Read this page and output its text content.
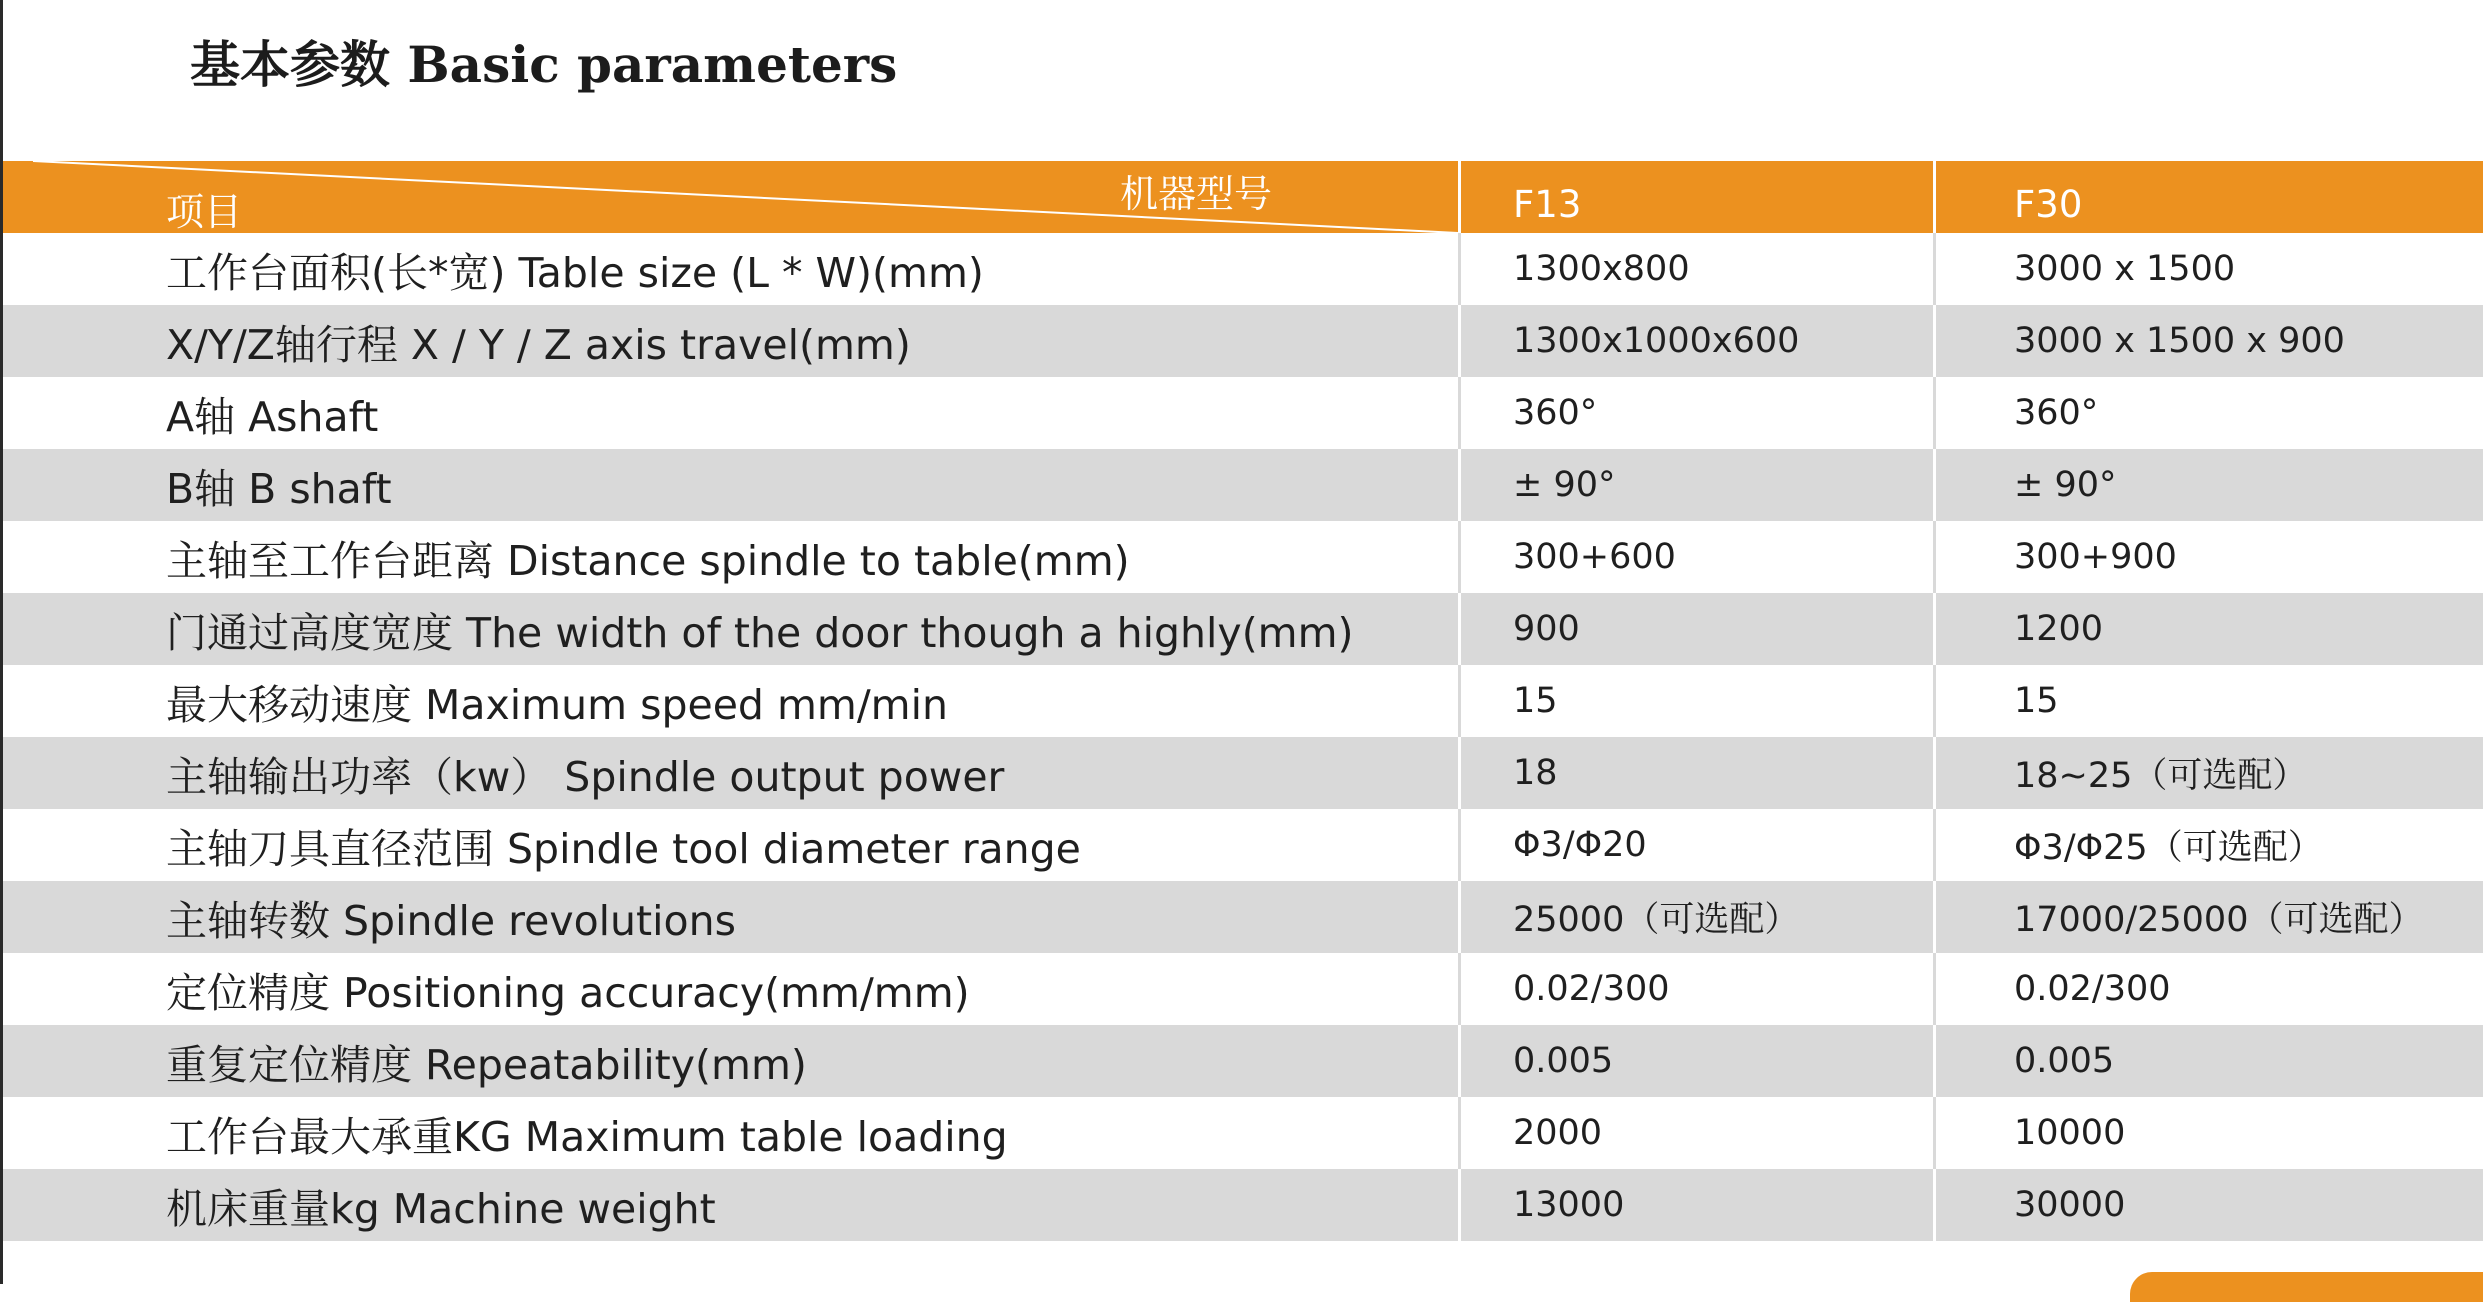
基本参数 Basic parameters
项目	机器型号	F13	F30
工作台面积(长*宽) Table size (L * W)(mm)	1300x800	3000 x 1500
X/Y/Z轴行程 X / Y / Z axis travel(mm)	1300x1000x600	3000 x 1500 x 900
A轴 Ashaft	360°	360°
B轴 B shaft	± 90°	± 90°
主轴至工作台距离 Distance spindle to table(mm)	300+600	300+900
门通过高度宽度 The width of the door though a highly(mm)	900	1200
最大移动速度 Maximum speed mm/min	15	15
主轴输出功率（kw） Spindle output power	18	18~25（可选配）
主轴刀具直径范围 Spindle tool diameter range	Φ3/Φ20	Φ3/Φ25（可选配）
主轴转数 Spindle revolutions	25000（可选配）	17000/25000（可选配）
定位精度 Positioning accuracy(mm/mm)	0.02/300	0.02/300
重复定位精度 Repeatability(mm)	0.005	0.005
工作台最大承重KG Maximum table loading	2000	10000
机床重量kg Machine weight	13000	30000
